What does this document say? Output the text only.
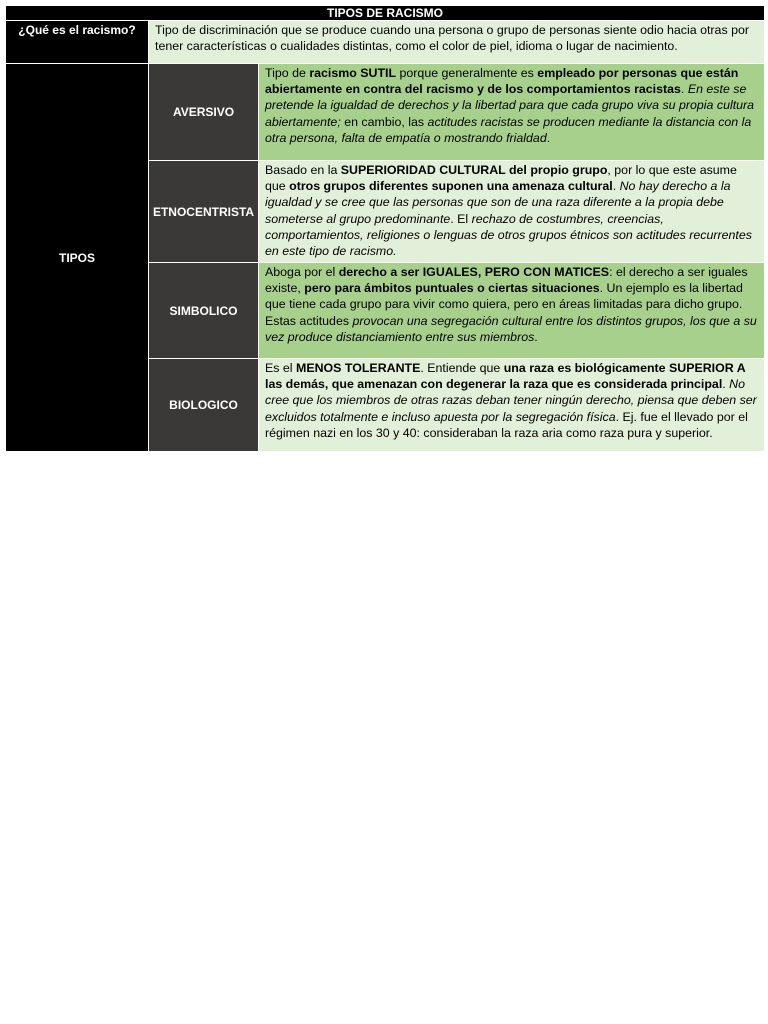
TIPOS DE RACISMO		
¿Qué es el racismo?	Tipo de discriminación que se produce cuando una persona o grupo de personas siente odio hacia otras por tener características o cualidades distintas, como el color de piel, idioma o lugar de nacimiento.	
TIPOS	AVERSIVO	Tipo de racismo SUTIL porque generalmente es empleado por personas que están abiertamente en contra del racismo y de los comportamientos racistas. En este se pretende la igualdad de derechos y la libertad para que cada grupo viva su propia cultura abiertamente; en cambio, las actitudes racistas se producen mediante la distancia con la otra persona, falta de empatía o mostrando frialdad.
	ETNOCENTRISTA	Basado en la SUPERIORIDAD CULTURAL del propio grupo, por lo que este asume que otros grupos diferentes suponen una amenaza cultural. No hay derecho a la igualdad y se cree que las personas que son de una raza diferente a la propia debe someterse al grupo predominante. El rechazo de costumbres, creencias, comportamientos, religiones o lenguas de otros grupos étnicos son actitudes recurrentes en este tipo de racismo.
	SIMBOLICO	Aboga por el derecho a ser IGUALES, PERO CON MATICES: el derecho a ser iguales existe, pero para ámbitos puntuales o ciertas situaciones. Un ejemplo es la libertad que tiene cada grupo para vivir como quiera, pero en áreas limitadas para dicho grupo. Estas actitudes provocan una segregación cultural entre los distintos grupos, los que a su vez produce distanciamiento entre sus miembros.
	BIOLOGICO	Es el MENOS TOLERANTE. Entiende que una raza es biológicamente SUPERIOR A las demás, que amenazan con degenerar la raza que es considerada principal. No cree que los miembros de otras razas deban tener ningún derecho, piensa que deben ser excluidos totalmente e incluso apuesta por la segregación física. Ej. fue el llevado por el régimen nazi en los 30 y 40: consideraban la raza aria como raza pura y superior.
